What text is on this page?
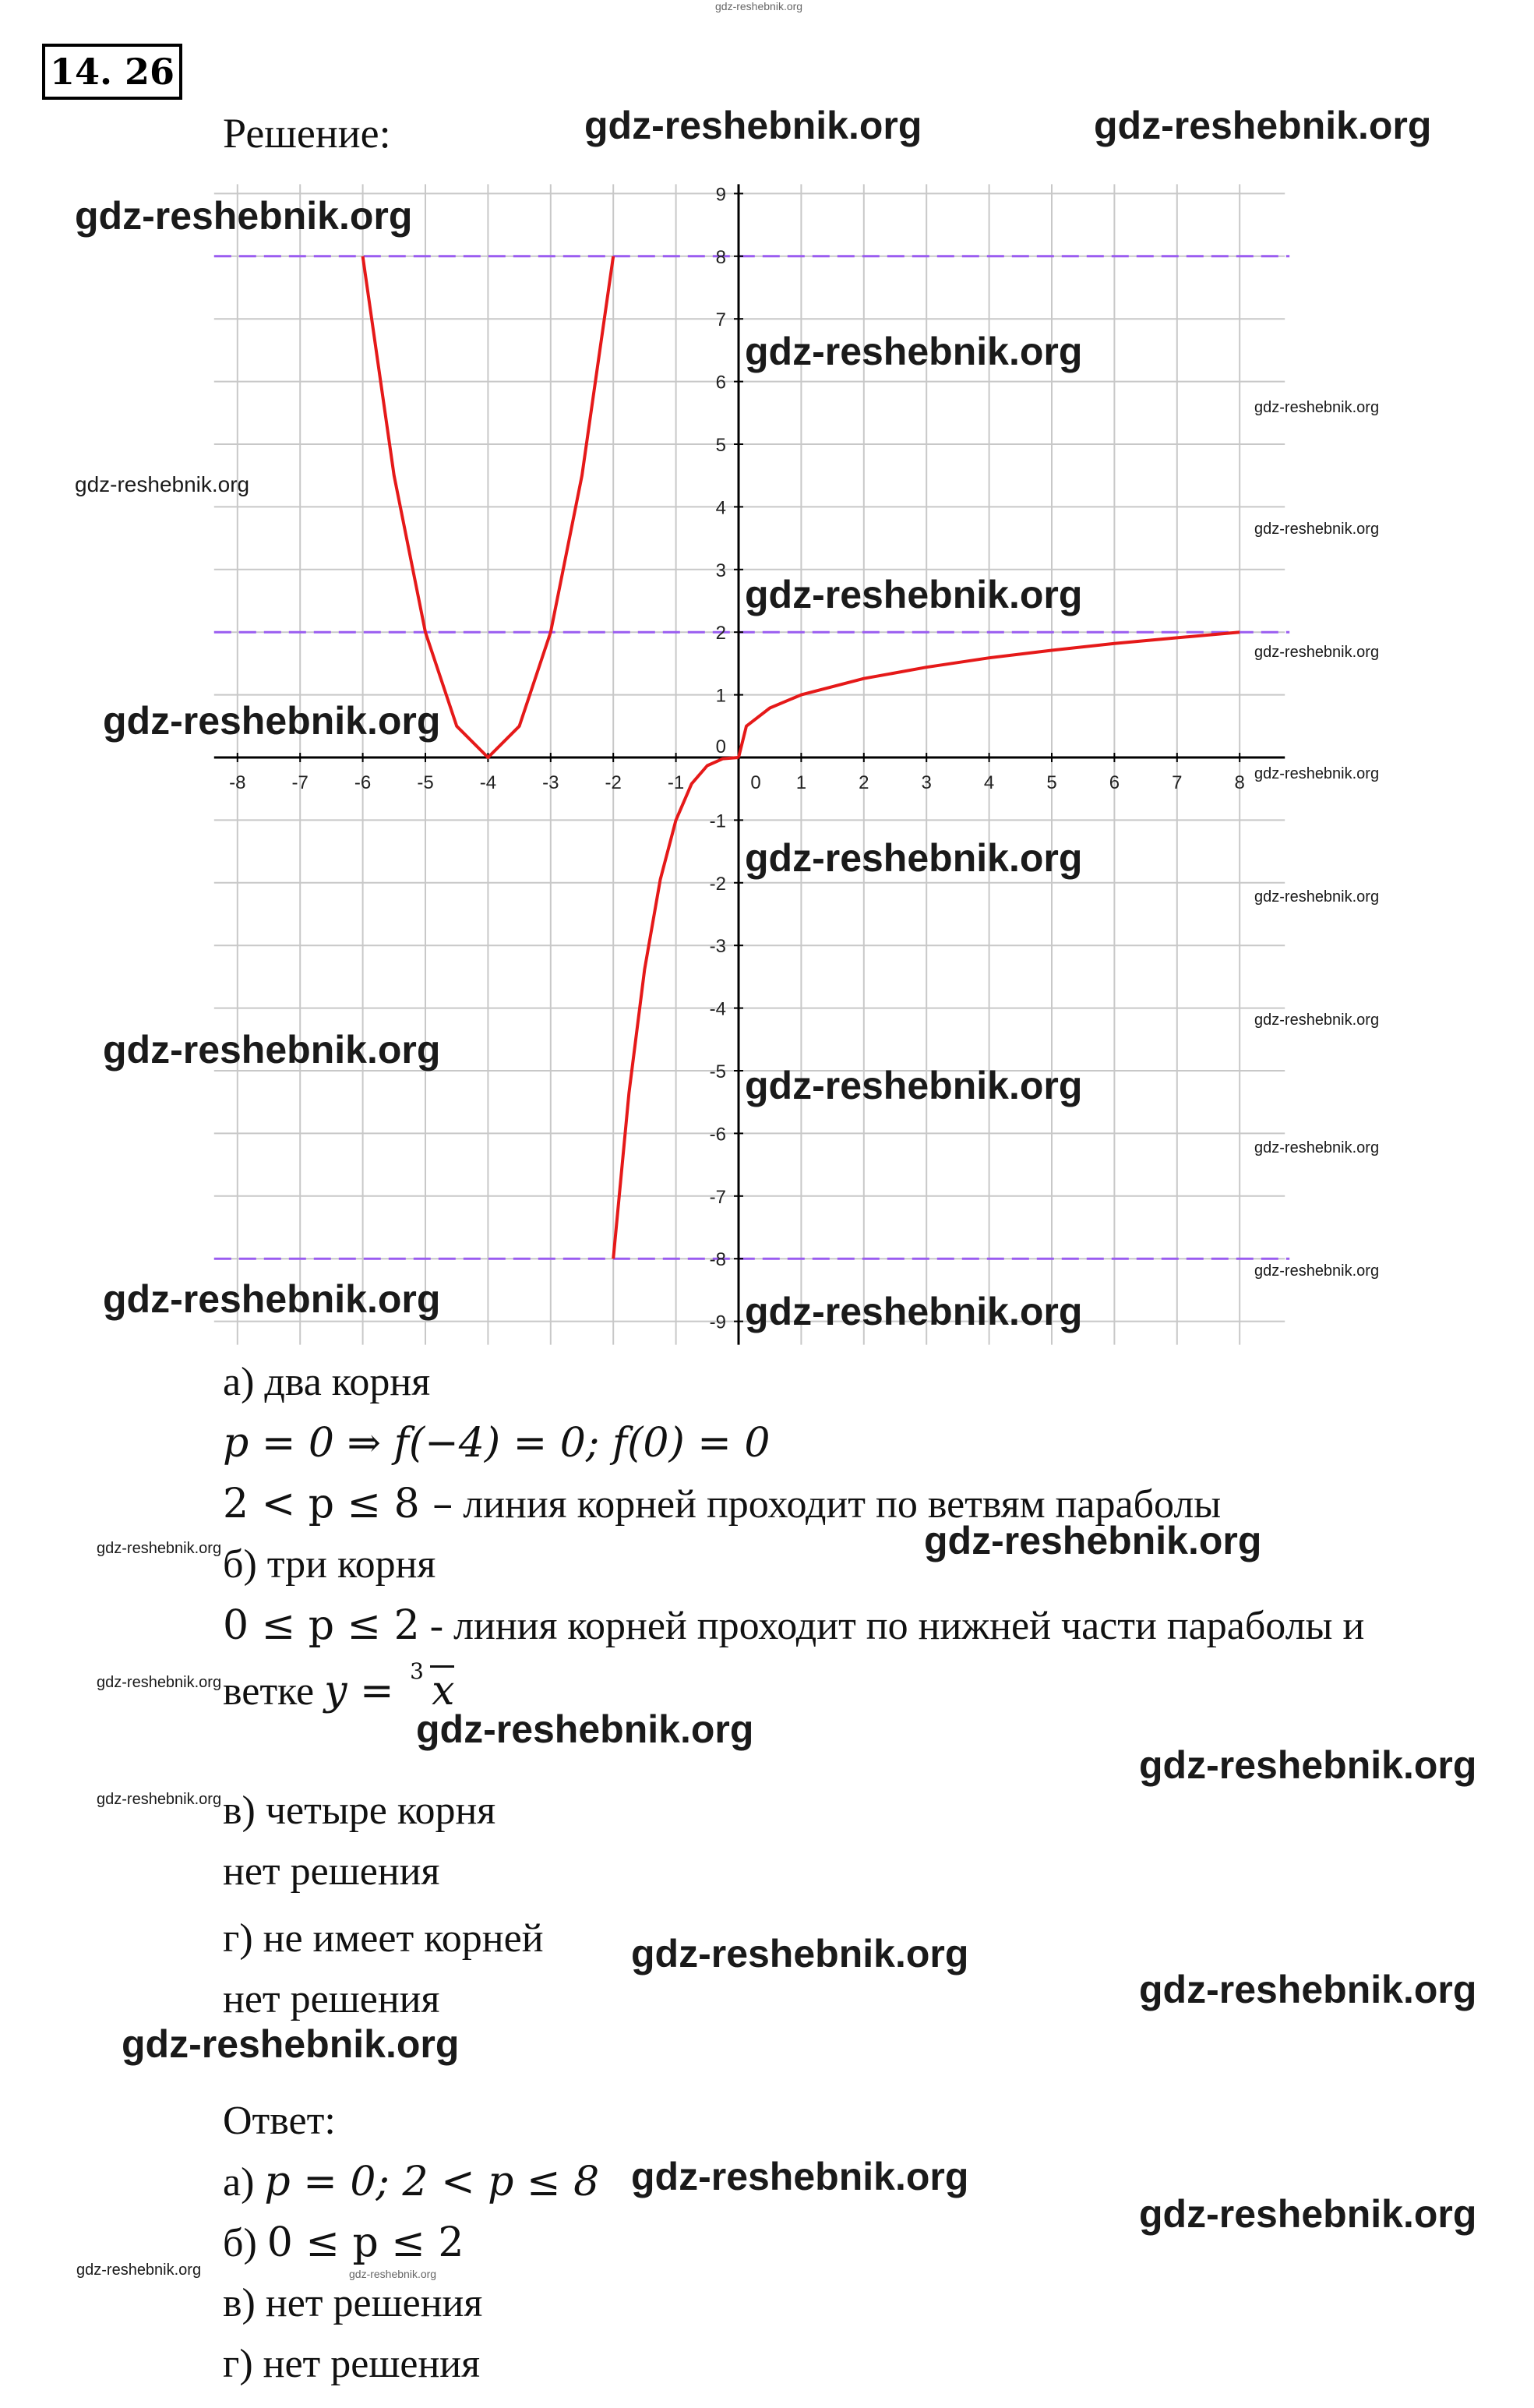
14. 26
Решение:
-8 -7 -6 -5 -4 -3 -2 -1	0 1	2	3	4	5	6	7	8
9
8
7
6
5
4
3
2
1
0
-1
-2
-3
-4
-5
-6
-7
-8
-9
а) два корня
p = 0 ⇒ f(−4) = 0; f(0) = 0
2 < p ≤ 8 – линия корней проходит по ветвям параболы
б) три корня
0 ≤ p ≤ 2 - линия корней проходит по нижней части параболы и
ветке y = 3 x
в) четыре корня
нет решения
г) не имеет корней
нет решения
Ответ:
а) p = 0; 2 < p ≤ 8
б) 0 ≤ p ≤ 2
в) нет решения
г) нет решения
gdz-reshebnik.org
gdz-reshebnik.org	gdz-reshebnik.org
gdz-reshebnik.org
gdz-reshebnik.org
gdz-reshebnik.org
gdz-reshebnik.org
gdz-reshebnik.org
gdz-reshebnik.org
gdz-reshebnik.org
gdz-reshebnik.org
gdz-reshebnik.org	gdz-reshebnik.org
gdz-reshebnik.org
gdz-reshebnik.org
gdz-reshebnik.org
gdz-reshebnik.org
gdz-reshebnik.org
gdz-reshebnik.org
gdz-reshebnik.org
gdz-reshebnik.org
gdz-reshebnik.org
gdz-reshebnik.org
gdz-reshebnik.org
gdz-reshebnik.org
gdz-reshebnik.org
gdz-reshebnik.org
gdz-reshebnik.org
gdz-reshebnik.org
gdz-reshebnik.org
gdz-reshebnik.org
gdz-reshebnik.org
gdz-reshebnik.org	gdz-reshebnik.org
